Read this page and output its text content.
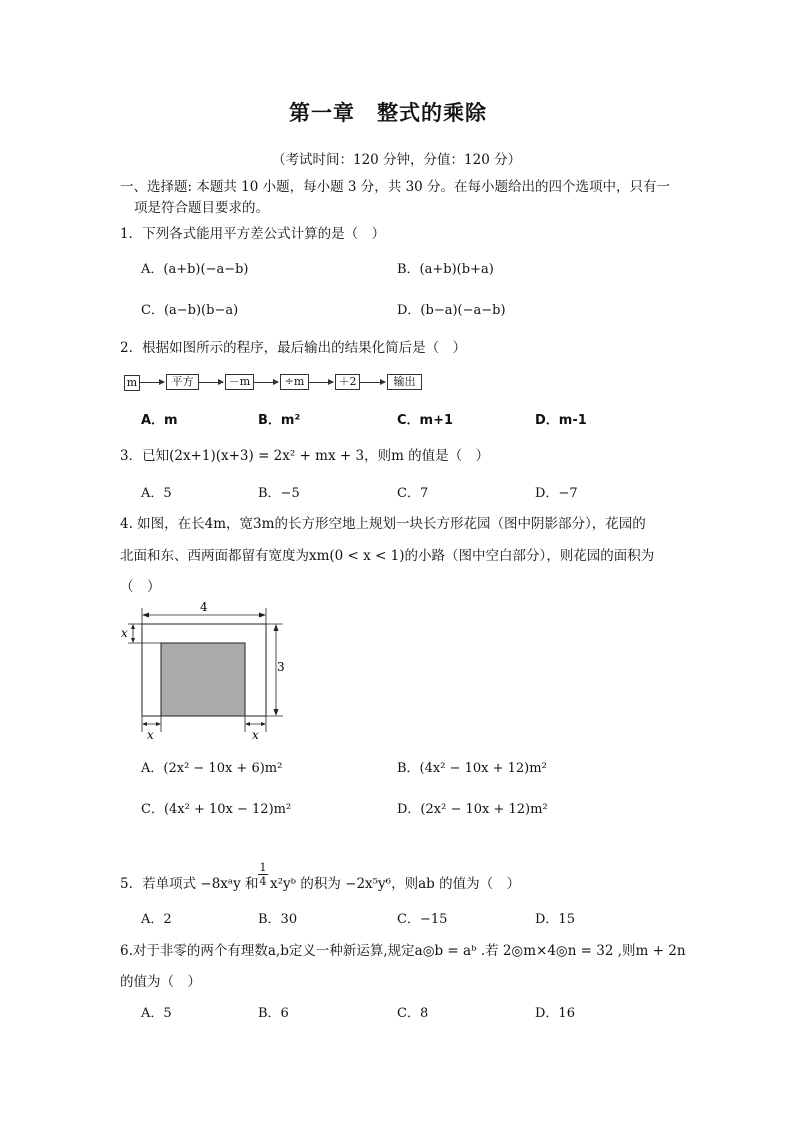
第一章　整式的乘除
（考试时间：120 分钟，分值：120 分）
一、选择题: 本题共 10 小题，每小题 3 分，共 30 分。在每小题给出的四个选项中，只有一
项是符合题目要求的。
1．下列各式能用平方差公式计算的是（　）
A．(a+b)(−a−b)	B．(a+b)(b+a)
C．(a−b)(b−a)	D．(b−a)(−a−b)
2．根据如图所示的程序，最后输出的结果化简后是（　）
m	平方	－m	÷m	＋2	输出
A．m	B．m²	C．m+1	D．m-1
3．已知(2x+1)(x+3) = 2x² + mx + 3，则m 的值是（　）
A．5	B．−5	C．7	D．−7
4. 如图，在长4m，宽3m的长方形空地上规划一块长方形花园（图中阴影部分），花园的
北面和东、西两面都留有宽度为xm(0 < x < 1)的小路（图中空白部分），则花园的面积为
（　）
4
3
x
x	x
A．(2x² − 10x + 6)m²	B．(4x² − 10x + 12)m²
C．(4x² + 10x − 12)m²	D．(2x² − 10x + 12)m²
5．若单项式 −8xᵃy 和 $\frac{1}{4}$ x²yᵇ 的积为 −2x⁵y⁶，则ab 的值为（　）
A．2	B．30	C．−15	D．15
6.对于非零的两个有理数a,b定义一种新运算,规定a◎b = aᵇ .若 2◎m×4◎n = 32 ,则m + 2n
的值为（　）
A．5	B．6	C．8	D．16
